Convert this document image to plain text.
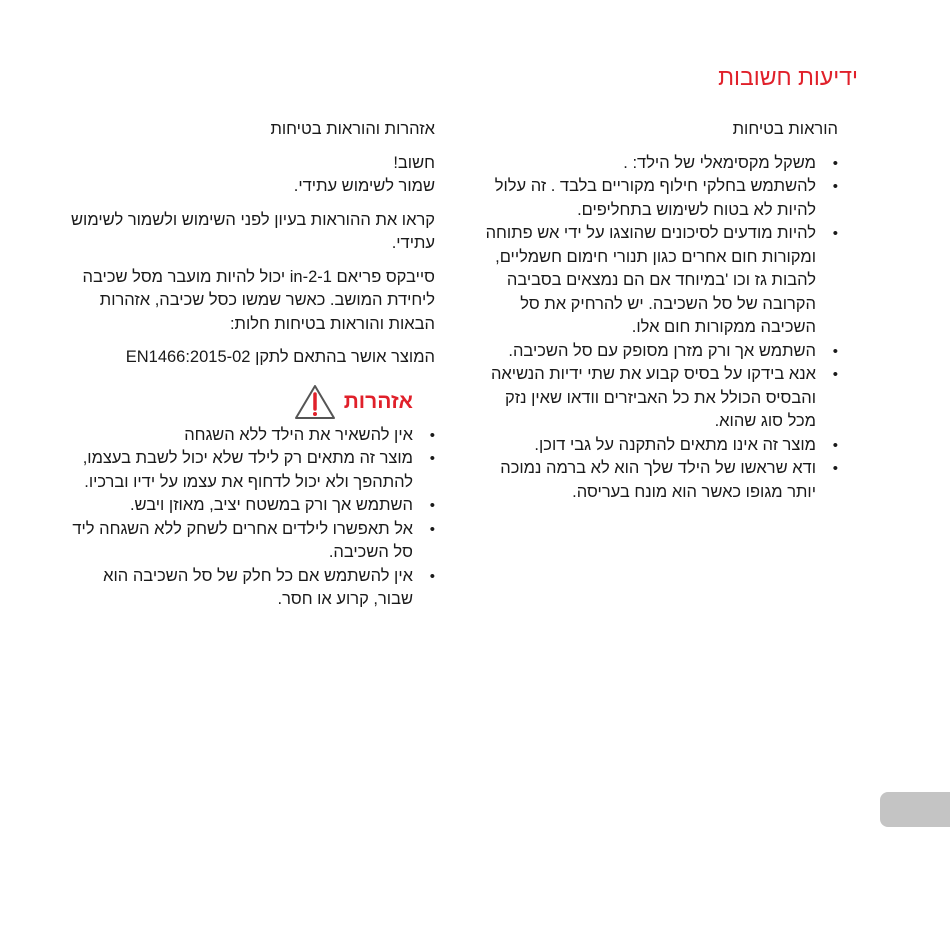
ידיעות חשובות
הוראות בטיחות
•
משקל מקסימאלי של הילד: .
•
להשתמש בחלקי חילוף מקוריים בלבד . זה עלול להיות לא בטוח לשימוש בתחליפים.
•
להיות מודעים לסיכונים שהוצגו על ידי אש פתוחה ומקורות חום אחרים כגון תנורי חימום חשמליים, להבות גז וכו 'במיוחד אם הם נמצאים בסביבה הקרובה של סל השכיבה. יש להרחיק את סל השכיבה ממקורות חום אלו.
•
השתמש אך ורק מזרן מסופק עם סל השכיבה.
•
אנא בידקו על בסיס קבוע את שתי ידיות הנשיאה והבסיס הכולל את כל האביזרים וודאו שאין נזק מכל סוג שהוא.
•
מוצר זה אינו מתאים להתקנה על גבי דוכן.
•
ודא שראשו של הילד שלך הוא לא ברמה נמוכה יותר מגופו כאשר הוא מונח בעריסה.
אזהרות והוראות בטיחות

חשוב!
שמור לשימוש עתידי.

קראו את ההוראות בעיון לפני השימוש ולשמור לשימוש עתידי.

סייבקס פריאם 1-in-2 יכול להיות מועבר מסל שכיבה ליחידת המושב. כאשר שמשו כסל שכיבה, אזהרות הבאות והוראות בטיחות חלות:

המוצר אושר בהתאם לתקן EN1466:2015-02

אזהרות
•
אין להשאיר את הילד ללא השגחה
•
מוצר זה מתאים רק לילד שלא יכול לשבת בעצמו, להתהפך ולא יכול לדחוף את עצמו על ידיו וברכיו.
•
השתמש אך ורק במשטח יציב, מאוזן ויבש.
•
אל תאפשרו לילדים אחרים לשחק ללא השגחה ליד סל השכיבה.
•
אין להשתמש אם כל חלק של סל השכיבה הוא שבור, קרוע או חסר.
